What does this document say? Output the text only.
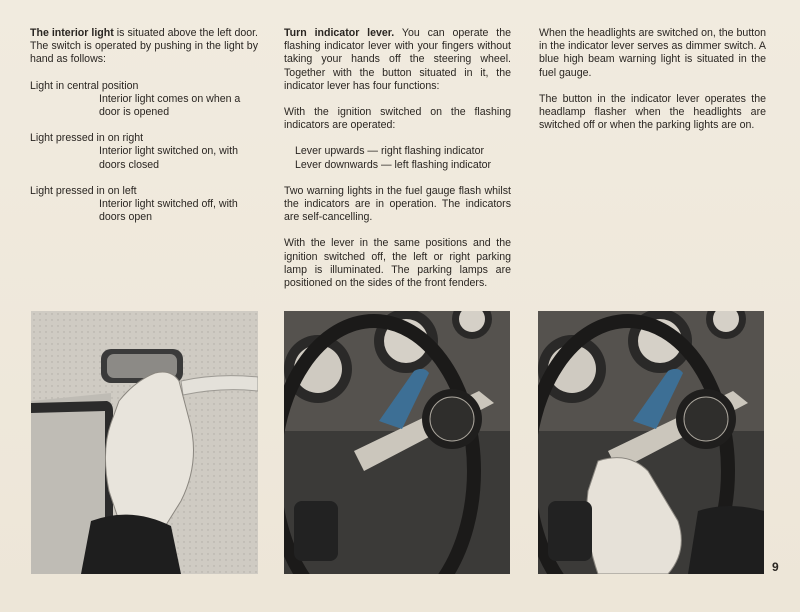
The interior light is situated above the left door. The switch is operated by pushing in the light by hand as follows:

Light in central position
Interior light comes on when a door is opened
Light pressed in on right
Interior light switched on, with doors closed
Light pressed in on left
Interior light switched off, with doors open

Turn indicator lever. You can operate the flashing indicator lever with your fingers without taking your hands off the steering wheel. Together with the button situated in it, the indicator lever has four functions:

With the ignition switched on the flashing indicators are operated:

Lever upwards — right flashing indicator
Lever downwards — left flashing indicator

Two warning lights in the fuel gauge flash whilst the indicators are in operation. The indicators are self-cancelling.

With the lever in the same positions and the ignition switched off, the left or right parking lamp is illuminated. The parking lamps are positioned on the sides of the front fenders.

When the headlights are switched on, the button in the indicator lever serves as dimmer switch. A blue high beam warning light is situated in the fuel gauge.

The button in the indicator lever operates the headlamp flasher when the headlights are switched off or when the parking lights are on.

9
